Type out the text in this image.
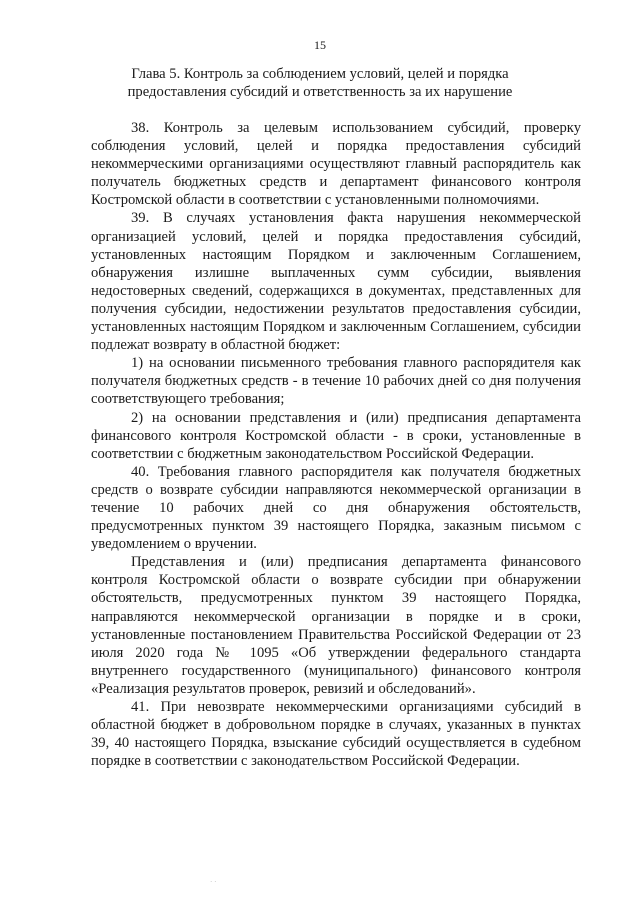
15
Глава 5. Контроль за соблюдением условий, целей и порядка
предоставления субсидий и ответственность за их нарушение

38. Контроль за целевым использованием субсидий, проверку соблюдения условий, целей и порядка предоставления субсидий некоммерческими организациями осуществляют главный распорядитель как получатель бюджетных средств и департамент финансового контроля Костромской области в соответствии с установленными полномочиями.

39. В случаях установления факта нарушения некоммерческой организацией условий, целей и порядка предоставления субсидий, установленных настоящим Порядком и заключенным Соглашением, обнаружения излишне выплаченных сумм субсидии, выявления недостоверных сведений, содержащихся в документах, представленных для получения субсидии, недостижении результатов предоставления субсидии, установленных настоящим Порядком и заключенным Соглашением, субсидии подлежат возврату в областной бюджет:

1) на основании письменного требования главного распорядителя как получателя бюджетных средств - в течение 10 рабочих дней со дня получения соответствующего требования;

2) на основании представления и (или) предписания департамента финансового контроля Костромской области - в сроки, установленные в соответствии с бюджетным законодательством Российской Федерации.

40. Требования главного распорядителя как получателя бюджетных средств о возврате субсидии направляются некоммерческой организации в течение 10 рабочих дней со дня обнаружения обстоятельств, предусмотренных пунктом 39 настоящего Порядка, заказным письмом с уведомлением о вручении.

Представления и (или) предписания департамента финансового контроля Костромской области о возврате субсидии при обнаружении обстоятельств, предусмотренных пунктом 39 настоящего Порядка, направляются некоммерческой организации в порядке и в сроки, установленные постановлением Правительства Российской Федерации от 23 июля 2020 года № 1095 «Об утверждении федерального стандарта внутреннего государственного (муниципального) финансового контроля «Реализация результатов проверок, ревизий и обследований».

41. При невозврате некоммерческими организациями субсидий в областной бюджет в добровольном порядке в случаях, указанных в пунктах 39, 40 настоящего Порядка, взыскание субсидий осуществляется в судебном порядке в соответствии с законодательством Российской Федерации.

· ·
